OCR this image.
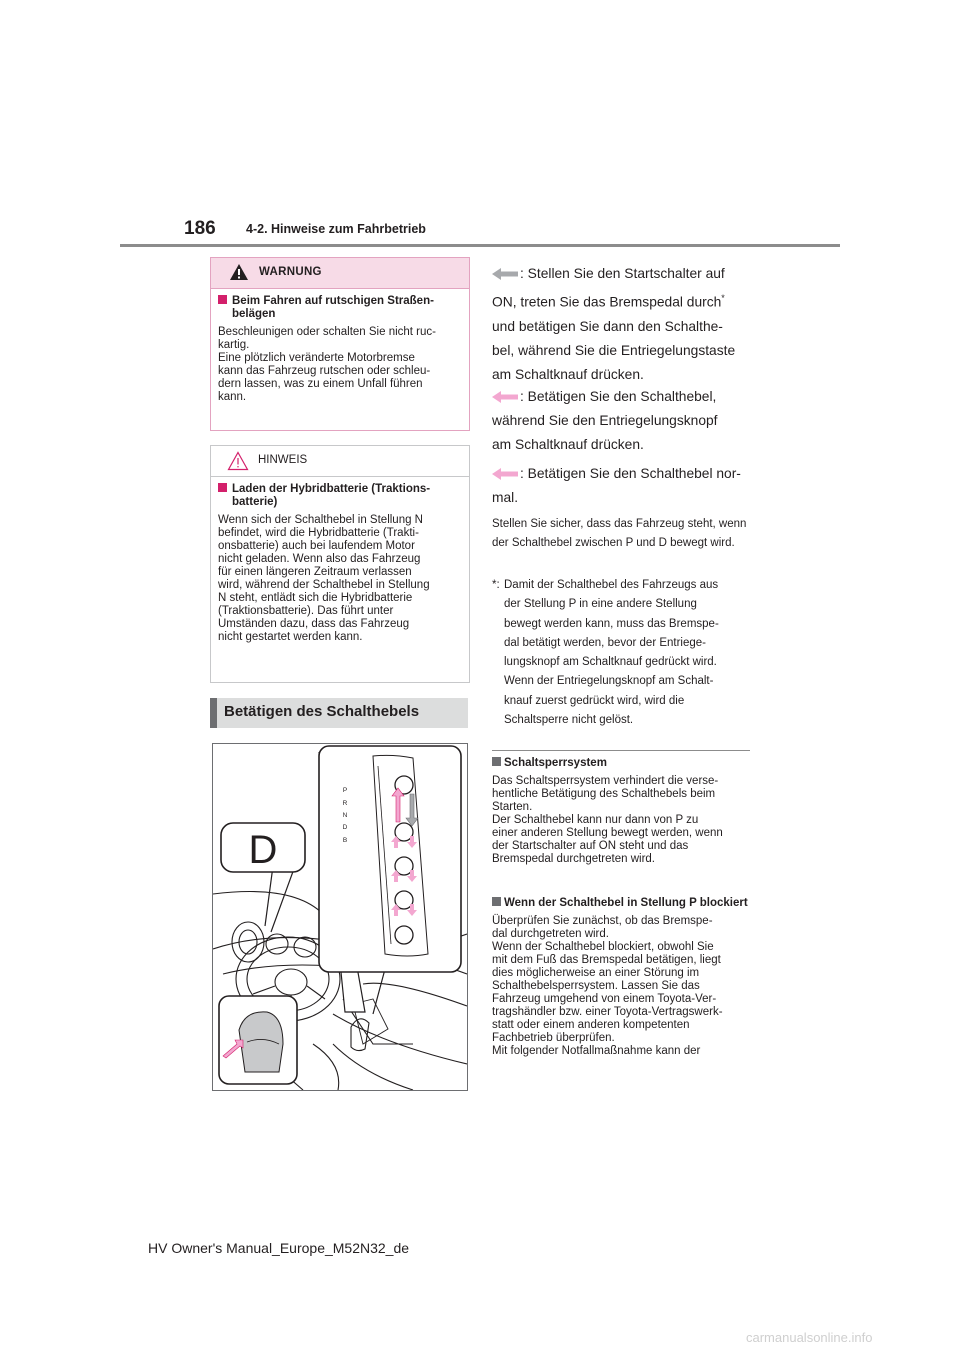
186 4-2. Hinweise zum Fahrbetrieb
WARNUNG
Beim Fahren auf rutschigen Straßen-belägen
Beschleunigen oder schalten Sie nicht ruc-
kartig.
Eine plötzlich veränderte Motorbremse
kann das Fahrzeug rutschen oder schleu-
dern lassen, was zu einem Unfall führen
kann.
HINWEIS
Laden der Hybridbatterie (Traktions-batterie)
Wenn sich der Schalthebel in Stellung N
befindet, wird die Hybridbatterie (Trakti-
onsbatterie) auch bei laufendem Motor
nicht geladen. Wenn also das Fahrzeug
für einen längeren Zeitraum verlassen
wird, während der Schalthebel in Stellung
N steht, entlädt sich die Hybridbatterie
(Traktionsbatterie). Das führt unter
Umständen dazu, dass das Fahrzeug
nicht gestartet werden kann.
Betätigen des Schalthebels
D
P
R
N
D
B
: Stellen Sie den Startschalter auf
ON, treten Sie das Bremspedal durch*
und betätigen Sie dann den Schalthe-
bel, während Sie die Entriegelungstaste
am Schaltknauf drücken.
: Betätigen Sie den Schalthebel,
während Sie den Entriegelungsknopf
am Schaltknauf drücken.
: Betätigen Sie den Schalthebel nor-
mal.
Stellen Sie sicher, dass das Fahrzeug steht, wenn der Schalthebel zwischen P und D bewegt wird.
*: Damit der Schalthebel des Fahrzeugs aus
der Stellung P in eine andere Stellung
bewegt werden kann, muss das Bremspe-
dal betätigt werden, bevor der Entriege-
lungsknopf am Schaltknauf gedrückt wird.
Wenn der Entriegelungsknopf am Schalt-
knauf zuerst gedrückt wird, wird die
Schaltsperre nicht gelöst.
Schaltsperrsystem
Das Schaltsperrsystem verhindert die verse-
hentliche Betätigung des Schalthebels beim
Starten.
Der Schalthebel kann nur dann von P zu
einer anderen Stellung bewegt werden, wenn
der Startschalter auf ON steht und das
Bremspedal durchgetreten wird.
Wenn der Schalthebel in Stellung P blockiert
Überprüfen Sie zunächst, ob das Bremspe-
dal durchgetreten wird.
Wenn der Schalthebel blockiert, obwohl Sie
mit dem Fuß das Bremspedal betätigen, liegt
dies möglicherweise an einer Störung im
Schalthebelsperrsystem. Lassen Sie das
Fahrzeug umgehend von einem Toyota-Ver-
tragshändler bzw. einer Toyota-Vertragswerk-
statt oder einem anderen kompetenten
Fachbetrieb überprüfen.
Mit folgender Notfallmaßnahme kann der
HV Owner's Manual_Europe_M52N32_de
carmanualsonline.info
